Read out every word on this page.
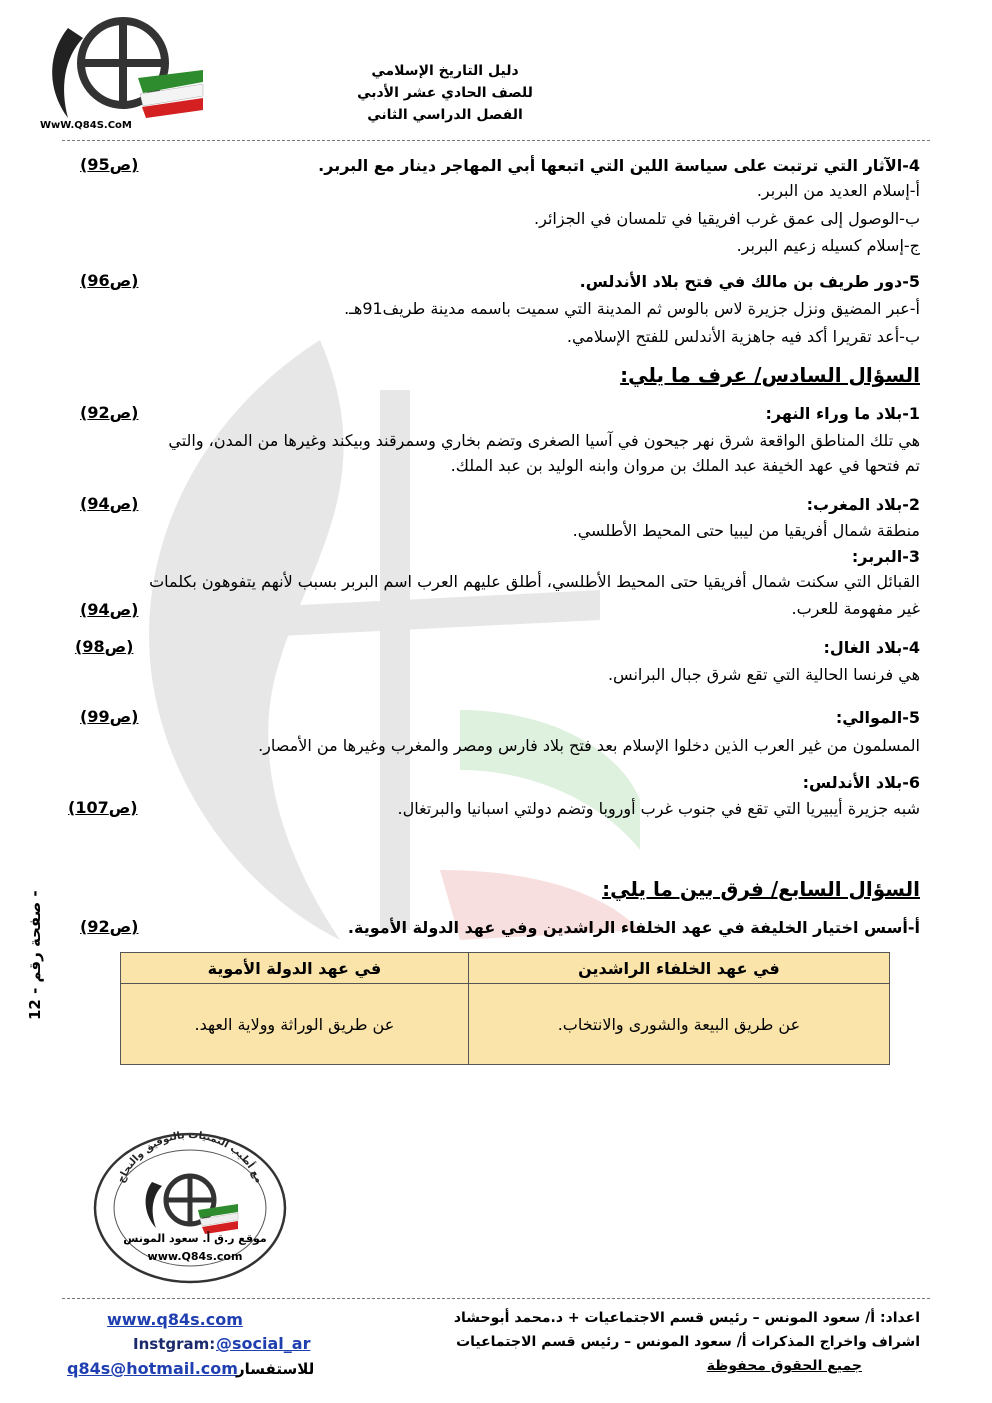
WwW.Q84S.CoM
دليل التاريخ الإسلامي
للصف الحادي عشر الأدبي
الفصل الدراسي الثاني
4-الآثار التي ترتبت على سياسة اللين التي اتبعها أبي المهاجر دينار مع البربر.
(ص95)
أ-إسلام العديد من البربر.
ب-الوصول إلى عمق غرب افريقيا في تلمسان في الجزائر.
ج-إسلام كسيله زعيم البربر.
5-دور طريف بن مالك في فتح بلاد الأندلس.
(ص96)
أ-عبر المضيق ونزل جزيرة لاس بالوس ثم المدينة التي سميت باسمه مدينة طريف91هـ.
ب-أعد تقريرا أكد فيه جاهزية الأندلس للفتح الإسلامي.
السؤال السادس/ عرف ما يلي:
1-بلاد ما وراء النهر:
(ص92)
هي تلك المناطق الواقعة شرق نهر جيحون في آسيا الصغرى وتضم بخاري وسمرقند وبيكند وغيرها من المدن، والتي
تم فتحها في عهد الخيفة عبد الملك بن مروان وابنه الوليد بن عبد الملك.
2-بلاد المغرب:
(ص94)
منطقة شمال أفريقيا من ليبيا حتى المحيط الأطلسي.
3-البربر:
القبائل التي سكنت شمال أفريقيا حتى المحيط الأطلسي، أطلق عليهم العرب اسم البربر بسبب لأنهم يتفوهون بكلمات
غير مفهومة للعرب.
(ص94)
4-بلاد الغال:
(ص98)
هي فرنسا الحالية التي تقع شرق جبال البرانس.
5-الموالي:
(ص99)
المسلمون من غير العرب الذين دخلوا الإسلام بعد فتح بلاد فارس ومصر والمغرب وغيرها من الأمصار.
6-بلاد الأندلس:
(ص107)	شبه جزيرة أيبيريا التي تقع في جنوب غرب أوروبا وتضم دولتي اسبانيا والبرتغال.
السؤال السابع/ فرق بين ما يلي:
أ-أسس اختيار الخليفة في عهد الخلفاء الراشدين وفي عهد الدولة الأموية.
(ص92)
في عهد الخلفاء الراشدين	في عهد الدولة الأموية
عن طريق البيعة والشورى والانتخاب.	عن طريق الوراثة وولاية العهد.
صفحة رقم - 12 -
مع أطيب التمنيات بالتوفيق والنجاح
موقع ر.ق أ. سعود المونس
www.Q84s.com
اعداد: أ/ سعود المونس – رئيس قسم الاجتماعيات + د.محمد أبوحشاد
اشراف واخراج المذكرات أ/ سعود المونس – رئيس قسم الاجتماعيات
جميع الحقوق محفوظة
www.q84s.com
Instgram: @social_ar
q84s@hotmail.com
للاستفسار
